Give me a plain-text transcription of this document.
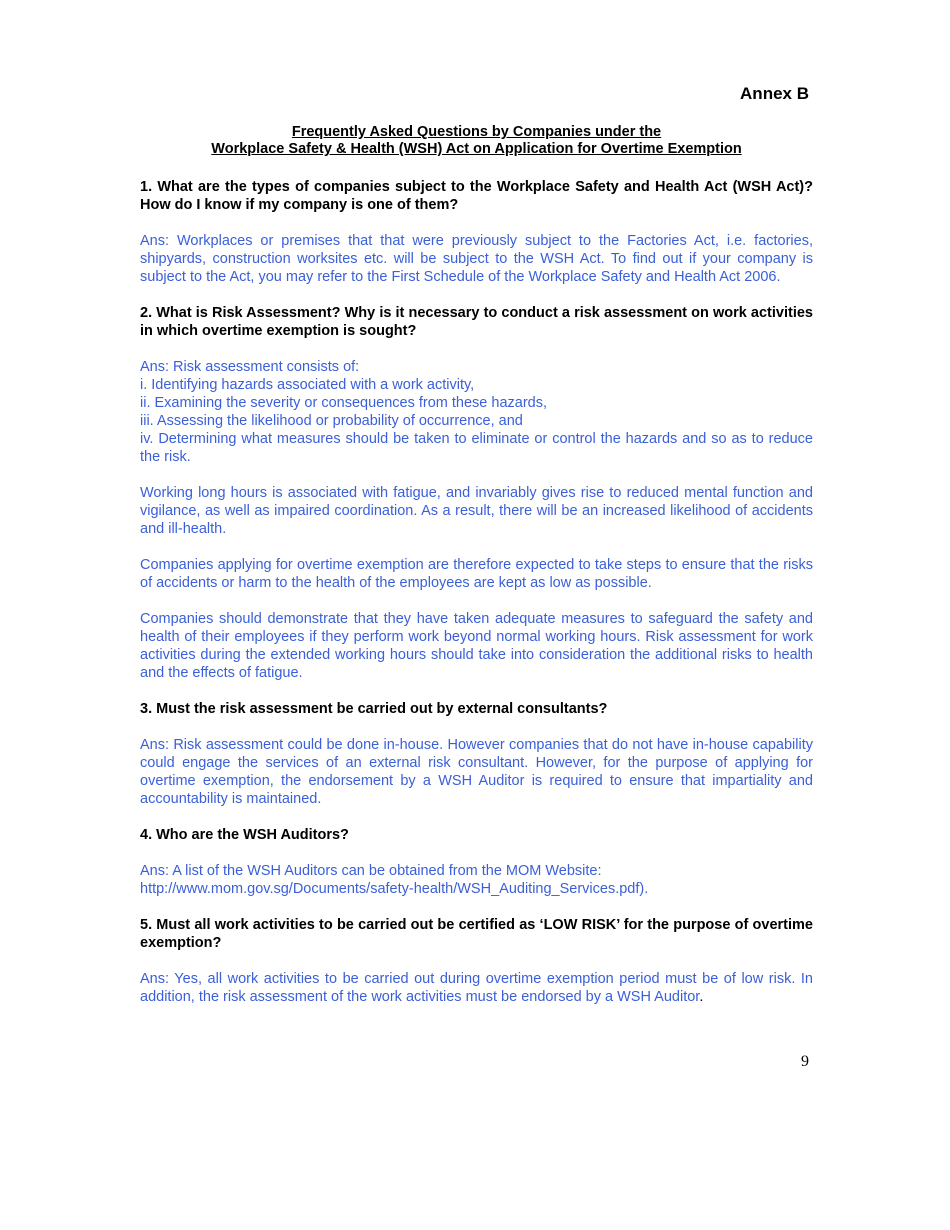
Annex B
Frequently Asked Questions by Companies under the
Workplace Safety & Health (WSH) Act on Application for Overtime Exemption

1. What are the types of companies subject to the Workplace Safety and Health Act (WSH Act)? How do I know if my company is one of them?

Ans: Workplaces or premises that that were previously subject to the Factories Act, i.e. factories, shipyards, construction worksites etc. will be subject to the WSH Act. To find out if your company is subject to the Act, you may refer to the First Schedule of the Workplace Safety and Health Act 2006.

2. What is Risk Assessment? Why is it necessary to conduct a risk assessment on work activities in which overtime exemption is sought?

Ans: Risk assessment consists of:
i. Identifying hazards associated with a work activity,
ii. Examining the severity or consequences from these hazards,
iii. Assessing the likelihood or probability of occurrence, and
iv. Determining what measures should be taken to eliminate or control the hazards and so as to reduce the risk.

Working long hours is associated with fatigue, and invariably gives rise to reduced mental function and vigilance, as well as impaired coordination. As a result, there will be an increased likelihood of accidents and ill-health.

Companies applying for overtime exemption are therefore expected to take steps to ensure that the risks of accidents or harm to the health of the employees are kept as low as possible.

Companies should demonstrate that they have taken adequate measures to safeguard the safety and health of their employees if they perform work beyond normal working hours. Risk assessment for work activities during the extended working hours should take into consideration the additional risks to health and the effects of fatigue.

3. Must the risk assessment be carried out by external consultants?

Ans: Risk assessment could be done in-house. However companies that do not have in-house capability could engage the services of an external risk consultant. However, for the purpose of applying for overtime exemption, the endorsement by a WSH Auditor is required to ensure that impartiality and accountability is maintained.

4. Who are the WSH Auditors?

Ans: A list of the WSH Auditors can be obtained from the MOM Website:
http://www.mom.gov.sg/Documents/safety-health/WSH_Auditing_Services.pdf).

5. Must all work activities to be carried out be certified as ‘LOW RISK’ for the purpose of overtime exemption?

Ans: Yes, all work activities to be carried out during overtime exemption period must be of low risk. In addition, the risk assessment of the work activities must be endorsed by a WSH Auditor.

9
